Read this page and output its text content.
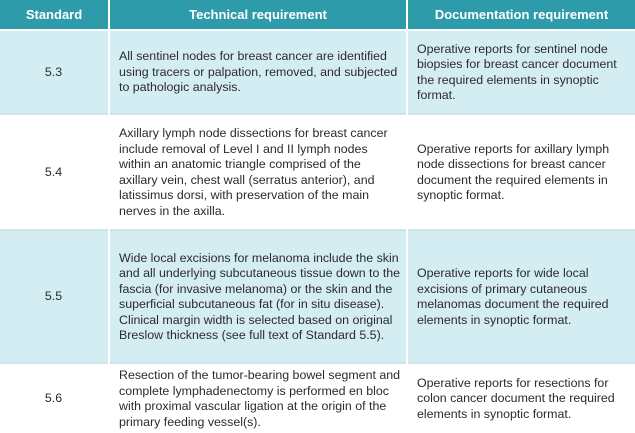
Standard	Technical requirement	Documentation requirement
5.3	All sentinel nodes for breast cancer are identified using tracers or palpation, removed, and subjected to pathologic analysis.	Operative reports for sentinel node biopsies for breast cancer document the required elements in synoptic format.
5.4	Axillary lymph node dissections for breast cancer include removal of Level I and II lymph nodes within an anatomic triangle comprised of the axillary vein, chest wall (serratus anterior), and latissimus dorsi, with preservation of the main nerves in the axilla.	Operative reports for axillary lymph node dissections for breast cancer document the required elements in synoptic format.
5.5	Wide local excisions for melanoma include the skin and all underlying subcutaneous tissue down to the fascia (for invasive melanoma) or the skin and the superficial subcutaneous fat (for in situ disease). Clinical margin width is selected based on original Breslow thickness (see full text of Standard 5.5).	Operative reports for wide local excisions of primary cutaneous melanomas document the required elements in synoptic format.
5.6	Resection of the tumor-bearing bowel segment and complete lymphadenectomy is performed en bloc with proximal vascular ligation at the origin of the primary feeding vessel(s).	Operative reports for resections for colon cancer document the required elements in synoptic format.
